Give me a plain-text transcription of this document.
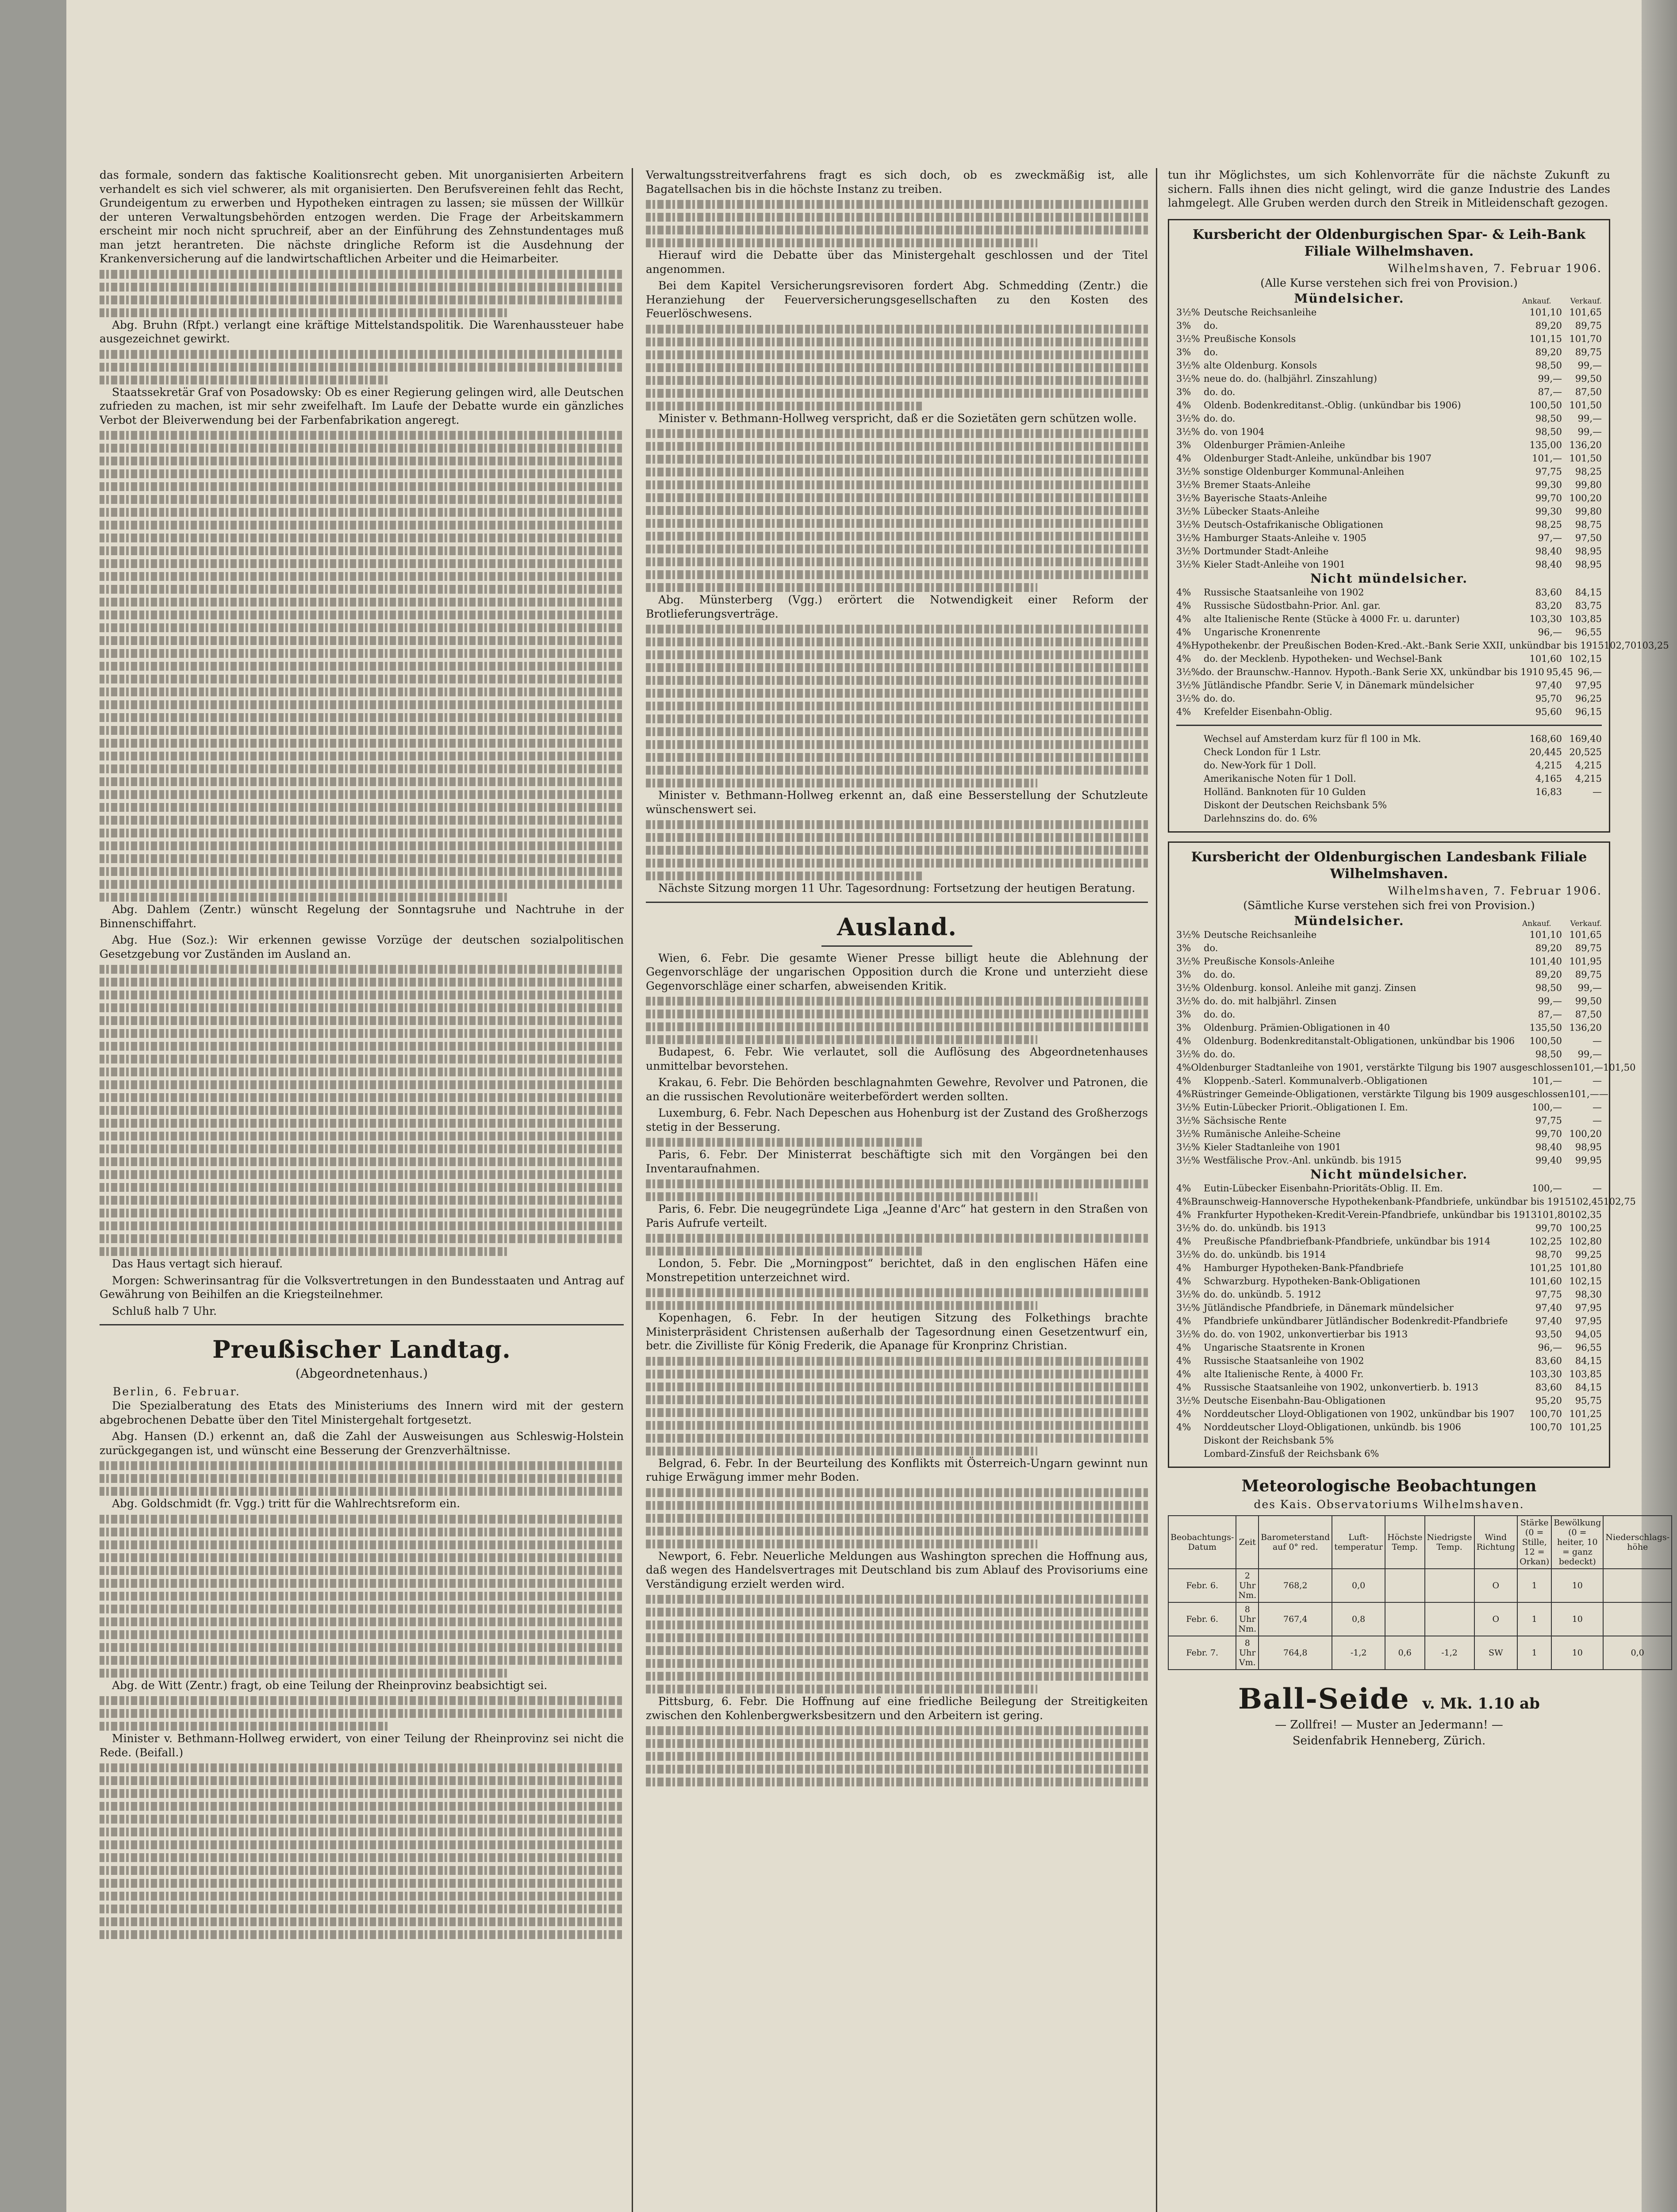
das formale, sondern das faktische Koalitionsrecht geben. Mit unorganisierten Arbeitern verhandelt es sich viel schwerer, als mit organisierten. Den Berufsvereinen fehlt das Recht, Grundeigentum zu erwerben und Hypotheken eintragen zu lassen; sie müssen der Willkür der unteren Verwaltungsbehörden entzogen werden. Die Frage der Arbeitskammern erscheint mir noch nicht spruchreif, aber an der Einführung des Zehnstundentages muß man jetzt herantreten. Die nächste dringliche Reform ist die Ausdehnung der Krankenversicherung auf die landwirtschaftlichen Arbeiter und die Heimarbeiter.

Abg. Bruhn (Rfpt.) verlangt eine kräftige Mittelstandspolitik. Die Warenhaussteuer habe ausgezeichnet gewirkt.

Staatssekretär Graf von Posadowsky: Ob es einer Regierung gelingen wird, alle Deutschen zufrieden zu machen, ist mir sehr zweifelhaft. Im Laufe der Debatte wurde ein gänzliches Verbot der Bleiverwendung bei der Farbenfabrikation angeregt.

Abg. Dahlem (Zentr.) wünscht Regelung der Sonntagsruhe und Nachtruhe in der Binnenschiffahrt.

Abg. Hue (Soz.): Wir erkennen gewisse Vorzüge der deutschen sozialpolitischen Gesetzgebung vor Zuständen im Ausland an.

Das Haus vertagt sich hierauf.

Morgen: Schwerinsantrag für die Volksvertretungen in den Bundesstaaten und Antrag auf Gewährung von Beihilfen an die Kriegsteilnehmer.

Schluß halb 7 Uhr.

Preußischer Landtag.
(Abgeordnetenhaus.)
Berlin, 6. Februar.

Die Spezialberatung des Etats des Ministeriums des Innern wird mit der gestern abgebrochenen Debatte über den Titel Ministergehalt fortgesetzt.

Abg. Hansen (D.) erkennt an, daß die Zahl der Ausweisungen aus Schleswig-Holstein zurückgegangen ist, und wünscht eine Besserung der Grenzverhältnisse.

Abg. Goldschmidt (fr. Vgg.) tritt für die Wahlrechtsreform ein.

Abg. de Witt (Zentr.) fragt, ob eine Teilung der Rheinprovinz beabsichtigt sei.

Minister v. Bethmann-Hollweg erwidert, von einer Teilung der Rheinprovinz sei nicht die Rede. (Beifall.)

Verwaltungsstreitverfahrens fragt es sich doch, ob es zweckmäßig ist, alle Bagatellsachen bis in die höchste Instanz zu treiben.

Hierauf wird die Debatte über das Ministergehalt geschlossen und der Titel angenommen.

Bei dem Kapitel Versicherungsrevisoren fordert Abg. Schmedding (Zentr.) die Heranziehung der Feuerversicherungsgesellschaften zu den Kosten des Feuerlöschwesens.

Minister v. Bethmann-Hollweg verspricht, daß er die Sozietäten gern schützen wolle.

Abg. Münsterberg (Vgg.) erörtert die Notwendigkeit einer Reform der Brotlieferungsverträge.

Minister v. Bethmann-Hollweg erkennt an, daß eine Besserstellung der Schutzleute wünschenswert sei.

Nächste Sitzung morgen 11 Uhr. Tagesordnung: Fortsetzung der heutigen Beratung.

Ausland.

Wien, 6. Febr. Die gesamte Wiener Presse billigt heute die Ablehnung der Gegenvorschläge der ungarischen Opposition durch die Krone und unterzieht diese Gegenvorschläge einer scharfen, abweisenden Kritik.

Budapest, 6. Febr. Wie verlautet, soll die Auflösung des Abgeordnetenhauses unmittelbar bevorstehen.

Krakau, 6. Febr. Die Behörden beschlagnahmten Gewehre, Revolver und Patronen, die an die russischen Revolutionäre weiterbefördert werden sollten.

Luxemburg, 6. Febr. Nach Depeschen aus Hohenburg ist der Zustand des Großherzogs stetig in der Besserung.

Paris, 6. Febr. Der Ministerrat beschäftigte sich mit den Vorgängen bei den Inventaraufnahmen.

Paris, 6. Febr. Die neugegründete Liga „Jeanne d'Arc“ hat gestern in den Straßen von Paris Aufrufe verteilt.

London, 5. Febr. Die „Morningpost“ berichtet, daß in den englischen Häfen eine Monstrepetition unterzeichnet wird.

Kopenhagen, 6. Febr. In der heutigen Sitzung des Folkethings brachte Ministerpräsident Christensen außerhalb der Tagesordnung einen Gesetzentwurf ein, betr. die Zivilliste für König Frederik, die Apanage für Kronprinz Christian.

Belgrad, 6. Febr. In der Beurteilung des Konflikts mit Österreich-Ungarn gewinnt nun ruhige Erwägung immer mehr Boden.

Newport, 6. Febr. Neuerliche Meldungen aus Washington sprechen die Hoffnung aus, daß wegen des Handelsvertrages mit Deutschland bis zum Ablauf des Provisoriums eine Verständigung erzielt werden wird.

Pittsburg, 6. Febr. Die Hoffnung auf eine friedliche Beilegung der Streitigkeiten zwischen den Kohlenbergwerksbesitzern und den Arbeitern ist gering.

tun ihr Möglichstes, um sich Kohlenvorräte für die nächste Zukunft zu sichern. Falls ihnen dies nicht gelingt, wird die ganze Industrie des Landes lahmgelegt. Alle Gruben werden durch den Streik in Mitleidenschaft gezogen.

Kursbericht der Oldenburgischen Spar- & Leih-Bank Filiale Wilhelmshaven.
Wilhelmshaven, 7. Februar 1906.
(Alle Kurse verstehen sich frei von Provision.)
Mündelsicher.	Ankauf.	Verkauf.
3½% Deutsche Reichsanleihe	101,10 101,65
3%	do.	89,20	89,75
3½% Preußische Konsols	101,15 101,70
3%	do.	89,20	89,75
3½% alte Oldenburg. Konsols	98,50	99,—
3½% neue do. do. (halbjährl. Zinszahlung)	99,—	99,50
3%	do. do.	87,—	87,50
4%	Oldenb. Bodenkreditanst.-Oblig. (unkündbar bis 1906)	100,50 101,50
3½% do. do.	98,50	99,—
3½% do. von 1904	98,50	99,—
3%	Oldenburger Prämien-Anleihe	135,00 136,20
4%	Oldenburger Stadt-Anleihe, unkündbar bis 1907	101,— 101,50
3½% sonstige Oldenburger Kommunal-Anleihen	97,75	98,25
3½% Bremer Staats-Anleihe	99,30	99,80
3½% Bayerische Staats-Anleihe	99,70 100,20
3½% Lübecker Staats-Anleihe	99,30	99,80
3½% Deutsch-Ostafrikanische Obligationen	98,25	98,75
3½% Hamburger Staats-Anleihe v. 1905	97,—	97,50
3½% Dortmunder Stadt-Anleihe	98,40	98,95
3½% Kieler Stadt-Anleihe von 1901	98,40	98,95
Nicht mündelsicher.
4%	Russische Staatsanleihe von 1902	83,60	84,15
4%	Russische Südostbahn-Prior. Anl. gar.	83,20	83,75
4%	alte Italienische Rente (Stücke à 4000 Fr. u. darunter)	103,30 103,85
4%	Ungarische Kronenrente	96,—	96,55
4% Hypothekenbr. der Preußischen Boden-Kred.-Akt.-Bank Serie XXII, unkündbar bis 1915 102,70 103,25
4%	do. der Mecklenb. Hypotheken- und Wechsel-Bank	101,60 102,15
3½% do. der Braunschw.-Hannov. Hypoth.-Bank Serie XX, unkündbar bis 1910 95,45 96,—
3½% Jütländische Pfandbr. Serie V, in Dänemark mündelsicher	97,40	97,95
3½% do. do.	95,70	96,25
4%	Krefelder Eisenbahn-Oblig.	95,60	96,15
Wechsel auf Amsterdam kurz für fl 100 in Mk.	168,60 169,40
Check London für 1 Lstr.	20,445 20,525
do. New-York für 1 Doll.	4,215	4,215
Amerikanische Noten für 1 Doll.	4,165	4,215
Holländ. Banknoten für 10 Gulden	16,83	—
Diskont der Deutschen Reichsbank 5%
Darlehnszins do. do. 6%
Kursbericht der Oldenburgischen Landesbank Filiale Wilhelmshaven.
Wilhelmshaven, 7. Februar 1906.
(Sämtliche Kurse verstehen sich frei von Provision.)
Mündelsicher.	Ankauf.	Verkauf.
3½% Deutsche Reichsanleihe	101,10 101,65
3%	do.	89,20	89,75
3½% Preußische Konsols-Anleihe	101,40 101,95
3%	do. do.	89,20	89,75
3½% Oldenburg. konsol. Anleihe mit ganzj. Zinsen	98,50	99,—
3½% do. do. mit halbjährl. Zinsen	99,—	99,50
3%	do. do.	87,—	87,50
3%	Oldenburg. Prämien-Obligationen in 40	135,50 136,20
4%	Oldenburg. Bodenkreditanstalt-Obligationen, unkündbar bis 1906	100,50	—
3½% do. do.	98,50	99,—
4% Oldenburger Stadtanleihe von 1901, verstärkte Tilgung bis 1907 ausgeschlossen 101,— 101,50
4%	Kloppenb.-Saterl. Kommunalverb.-Obligationen	101,—	—
4% Rüstringer Gemeinde-Obligationen, verstärkte Tilgung bis 1909 ausgeschlossen 101,— —
3½% Eutin-Lübecker Priorit.-Obligationen I. Em.	100,—	—
3½% Sächsische Rente	97,75	—
3½% Rumänische Anleihe-Scheine	99,70 100,20
3½% Kieler Stadtanleihe von 1901	98,40	98,95
3½% Westfälische Prov.-Anl. unkündb. bis 1915	99,40	99,95
Nicht mündelsicher.
4%	Eutin-Lübecker Eisenbahn-Prioritäts-Oblig. II. Em.	100,—	—
4% Braunschweig-Hannoversche Hypothekenbank-Pfandbriefe, unkündbar bis 1915 102,45 102,75
4% Frankfurter Hypotheken-Kredit-Verein-Pfandbriefe, unkündbar bis 1913 101,80 102,35
3½% do. do. unkündb. bis 1913	99,70 100,25
4%	Preußische Pfandbriefbank-Pfandbriefe, unkündbar bis 1914	102,25 102,80
3½% do. do. unkündb. bis 1914	98,70	99,25
4%	Hamburger Hypotheken-Bank-Pfandbriefe	101,25 101,80
4%	Schwarzburg. Hypotheken-Bank-Obligationen	101,60 102,15
3½% do. do. unkündb. 5. 1912	97,75	98,30
3½% Jütländische Pfandbriefe, in Dänemark mündelsicher	97,40	97,95
4%	Pfandbriefe unkündbarer Jütländischer Bodenkredit-Pfandbriefe	97,40	97,95
3½% do. do. von 1902, unkonvertierbar bis 1913	93,50	94,05
4%	Ungarische Staatsrente in Kronen	96,—	96,55
4%	Russische Staatsanleihe von 1902	83,60	84,15
4%	alte Italienische Rente, à 4000 Fr.	103,30 103,85
4%	Russische Staatsanleihe von 1902, unkonvertierb. b. 1913	83,60	84,15
3½% Deutsche Eisenbahn-Bau-Obligationen	95,20	95,75
4%	Norddeutscher Lloyd-Obligationen von 1902, unkündbar bis 1907	100,70 101,25
4%	Norddeutscher Lloyd-Obligationen, unkündb. bis 1906	100,70 101,25
Diskont der Reichsbank 5%
Lombard-Zinsfuß der Reichsbank 6%
Meteorologische Beobachtungen
des Kais. Observatoriums Wilhelmshaven.
Beobachtungs-Datum	Zeit	Barometerstand auf 0° red.	Luft-temperatur	Höchste Temp.	Niedrigste Temp.	Wind Richtung	Stärke (0 = Stille, 12 = Orkan)	Bewölkung (0 = heiter, 10 = ganz bedeckt)	Niederschlags-höhe
Febr. 6.	2 Uhr Nm.	768,2	0,0			O	1	10	
Febr. 6.	8 Uhr Nm.	767,4	0,8			O	1	10	
Febr. 7.	8 Uhr Vm.	764,8	-1,2	0,6	-1,2	SW	1	10	0,0
Ball-Seide v. Mk. 1.10 ab
— Zollfrei! — Muster an Jedermann! —
Seidenfabrik Henneberg, Zürich.
